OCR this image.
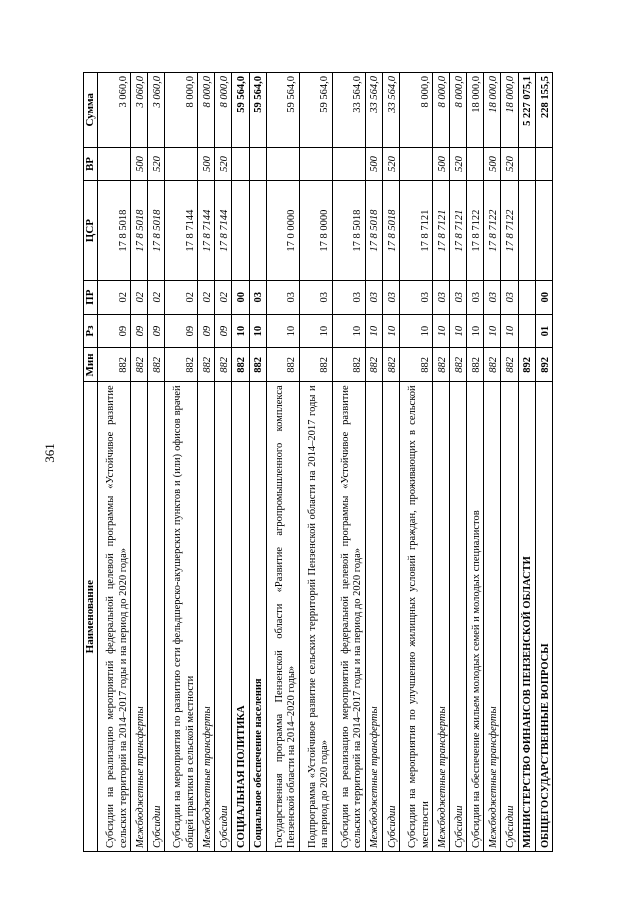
361
Наименование	Мин	Рз	ПР	ЦСР	ВР	Сумма
Субсидии на реализацию мероприятий федеральной целевой программы «Устойчивое развитие сельских территорий на 2014–2017 годы и на период до 2020 года»	882	09	02	17 8 5018		3 060,0
Межбюджетные трансферты	882	09	02	17 8 5018	500	3 060,0
Субсидии	882	09	02	17 8 5018	520	3 060,0
Субсидии на мероприятия по развитию сети фельдшерско-акушерских пунктов и (или) офисов врачей общей практики в сельской местности	882	09	02	17 8 7144		8 000,0
Межбюджетные трансферты	882	09	02	17 8 7144	500	8 000,0
Субсидии	882	09	02	17 8 7144	520	8 000,0
СОЦИАЛЬНАЯ ПОЛИТИКА	882	10	00			59 564,0
Социальное обеспечение населения	882	10	03			59 564,0
Государственная программа Пензенской области «Развитие агропромышленного комплекса Пензенской области на 2014–2020 годы»	882	10	03	17 0 0000		59 564,0
Подпрограмма «Устойчивое развитие сельских территорий Пензенской области на 2014–2017 годы и на период до 2020 года»	882	10	03	17 8 0000		59 564,0
Субсидии на реализацию мероприятий федеральной целевой программы «Устойчивое развитие сельских территорий на 2014–2017 годы и на период до 2020 года»	882	10	03	17 8 5018		33 564,0
Межбюджетные трансферты	882	10	03	17 8 5018	500	33 564,0
Субсидии	882	10	03	17 8 5018	520	33 564,0
Субсидии на мероприятия по улучшению жилищных условий граждан, проживающих в сельской местности	882	10	03	17 8 7121		8 000,0
Межбюджетные трансферты	882	10	03	17 8 7121	500	8 000,0
Субсидии	882	10	03	17 8 7121	520	8 000,0
Субсидии на обеспечение жильем молодых семей и молодых специалистов	882	10	03	17 8 7122		18 000,0
Межбюджетные трансферты	882	10	03	17 8 7122	500	18 000,0
Субсидии	882	10	03	17 8 7122	520	18 000,0
МИНИСТЕРСТВО ФИНАНСОВ ПЕНЗЕНСКОЙ ОБЛАСТИ	892					5 227 075,1
ОБЩЕГОСУДАРСТВЕННЫЕ ВОПРОСЫ	892	01	00			228 155,5
